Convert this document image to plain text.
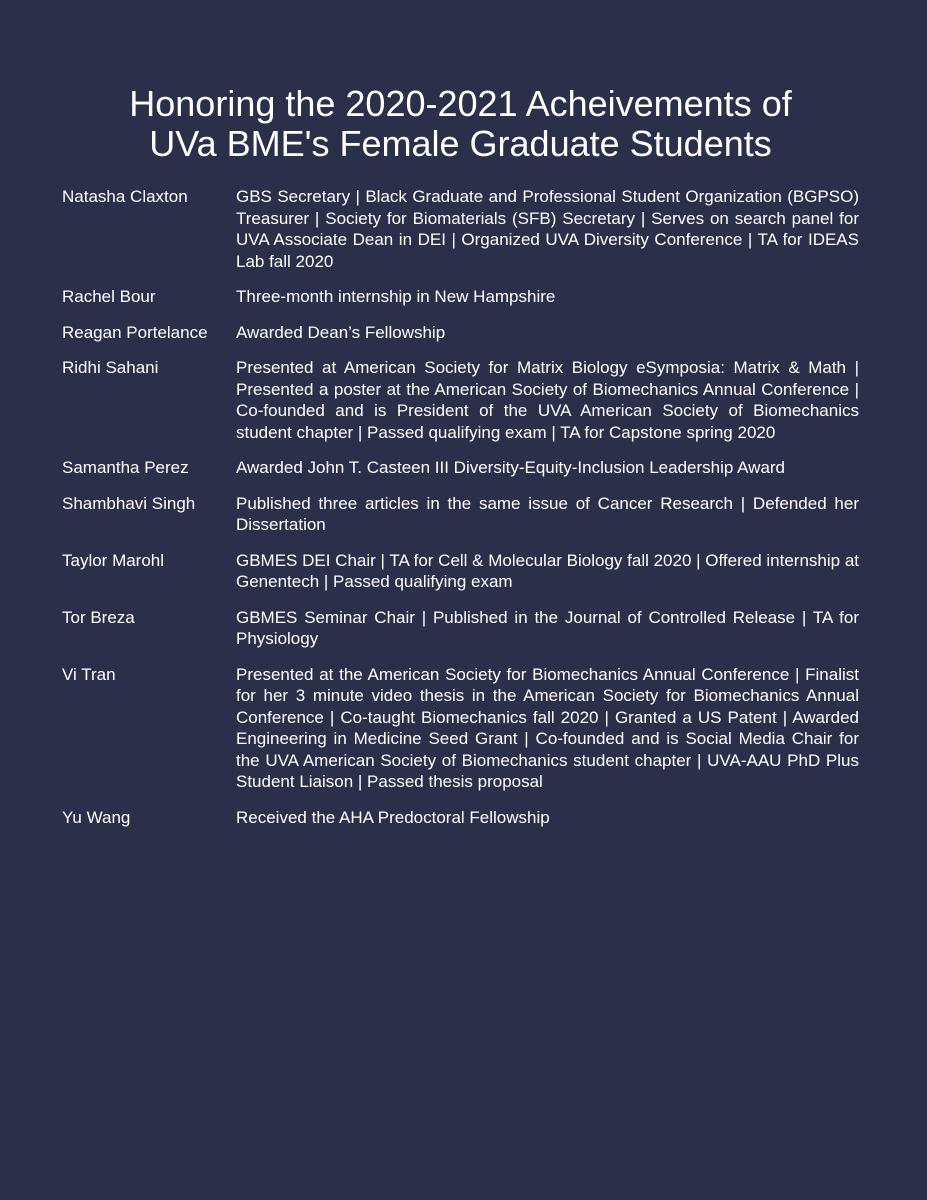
Honoring the 2020-2021 Acheivements of
UVa BME's Female Graduate Students
Natasha Claxton	GBS Secretary | Black Graduate and Professional Student Organization (BGPSO) Treasurer | Society for Biomaterials (SFB) Secretary | Serves on search panel for UVA Associate Dean in DEI | Organized UVA Diversity Conference | TA for IDEAS Lab fall 2020
Rachel Bour	Three-month internship in New Hampshire
Reagan Portelance	Awarded Dean’s Fellowship
Ridhi Sahani	Presented at American Society for Matrix Biology eSymposia: Matrix & Math | Presented a poster at the American Society of Biomechanics Annual Conference | Co-founded and is President of the UVA American Society of Biomechanics student chapter | Passed qualifying exam | TA for Capstone spring 2020
Samantha Perez	Awarded John T. Casteen III Diversity-Equity-Inclusion Leadership Award
Shambhavi Singh	Published three articles in the same issue of Cancer Research | Defended her Dissertation
Taylor Marohl	GBMES DEI Chair | TA for Cell & Molecular Biology fall 2020 | Offered internship at Genentech | Passed qualifying exam
Tor Breza	GBMES Seminar Chair | Published in the Journal of Controlled Release | TA for Physiology
Vi Tran	Presented at the American Society for Biomechanics Annual Conference | Finalist for her 3 minute video thesis in the American Society for Biomechanics Annual Conference | Co-taught Biomechanics fall 2020 | Granted a US Patent | Awarded Engineering in Medicine Seed Grant | Co-founded and is Social Media Chair for the UVA American Society of Biomechanics student chapter | UVA-AAU PhD Plus Student Liaison | Passed thesis proposal
Yu Wang	Received the AHA Predoctoral Fellowship
